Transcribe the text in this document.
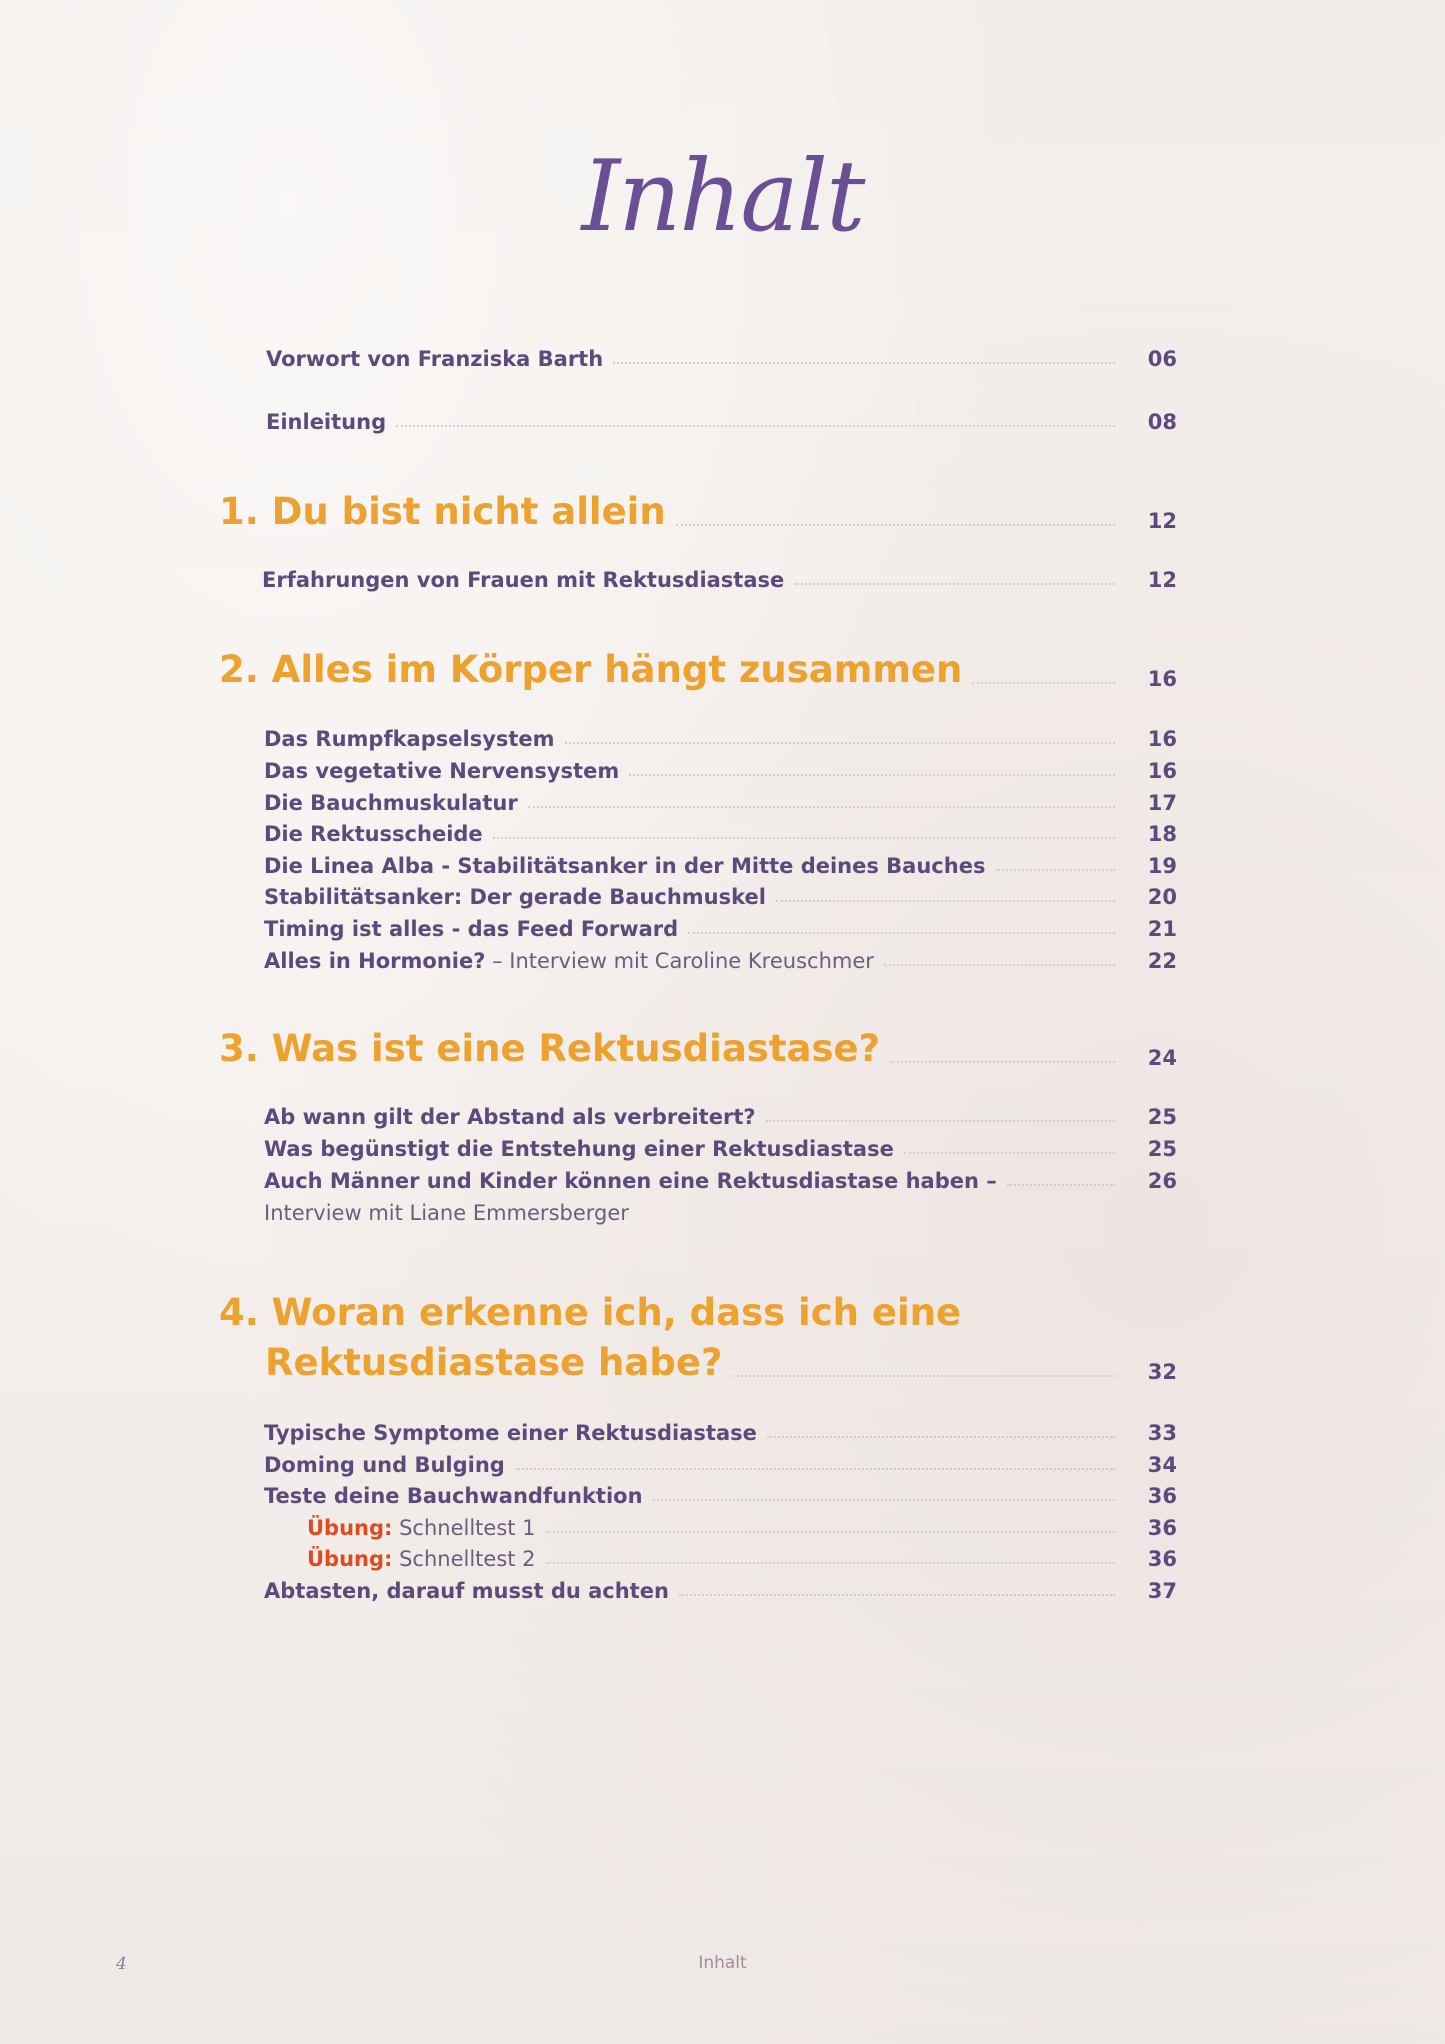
Inhalt
Vorwort von Franziska Barth	06
Einleitung	08
1. Du bist nicht allein	12
Erfahrungen von Frauen mit Rektusdiastase	12
2. Alles im Körper hängt zusammen	16
Das Rumpfkapselsystem	16
Das vegetative Nervensystem	16
Die Bauchmuskulatur	17
Die Rektusscheide	18
Die Linea Alba - Stabilitätsanker in der Mitte deines Bauches	19
Stabilitätsanker: Der gerade Bauchmuskel	20
Timing ist alles - das Feed Forward	21
Alles in Hormonie? – Interview mit Caroline Kreuschmer	22
3. Was ist eine Rektusdiastase?	24
Ab wann gilt der Abstand als verbreitert?	25
Was begünstigt die Entstehung einer Rektusdiastase	25
Auch Männer und Kinder können eine Rektusdiastase haben –	26
Interview mit Liane Emmersberger
4. Woran erkenne ich, dass ich eine
Rektusdiastase habe?	32
Typische Symptome einer Rektusdiastase	33
Doming und Bulging	34
Teste deine Bauchwandfunktion	36
Übung: Schnelltest 1	36
Übung: Schnelltest 2	36
Abtasten, darauf musst du achten	37
4	Inhalt
